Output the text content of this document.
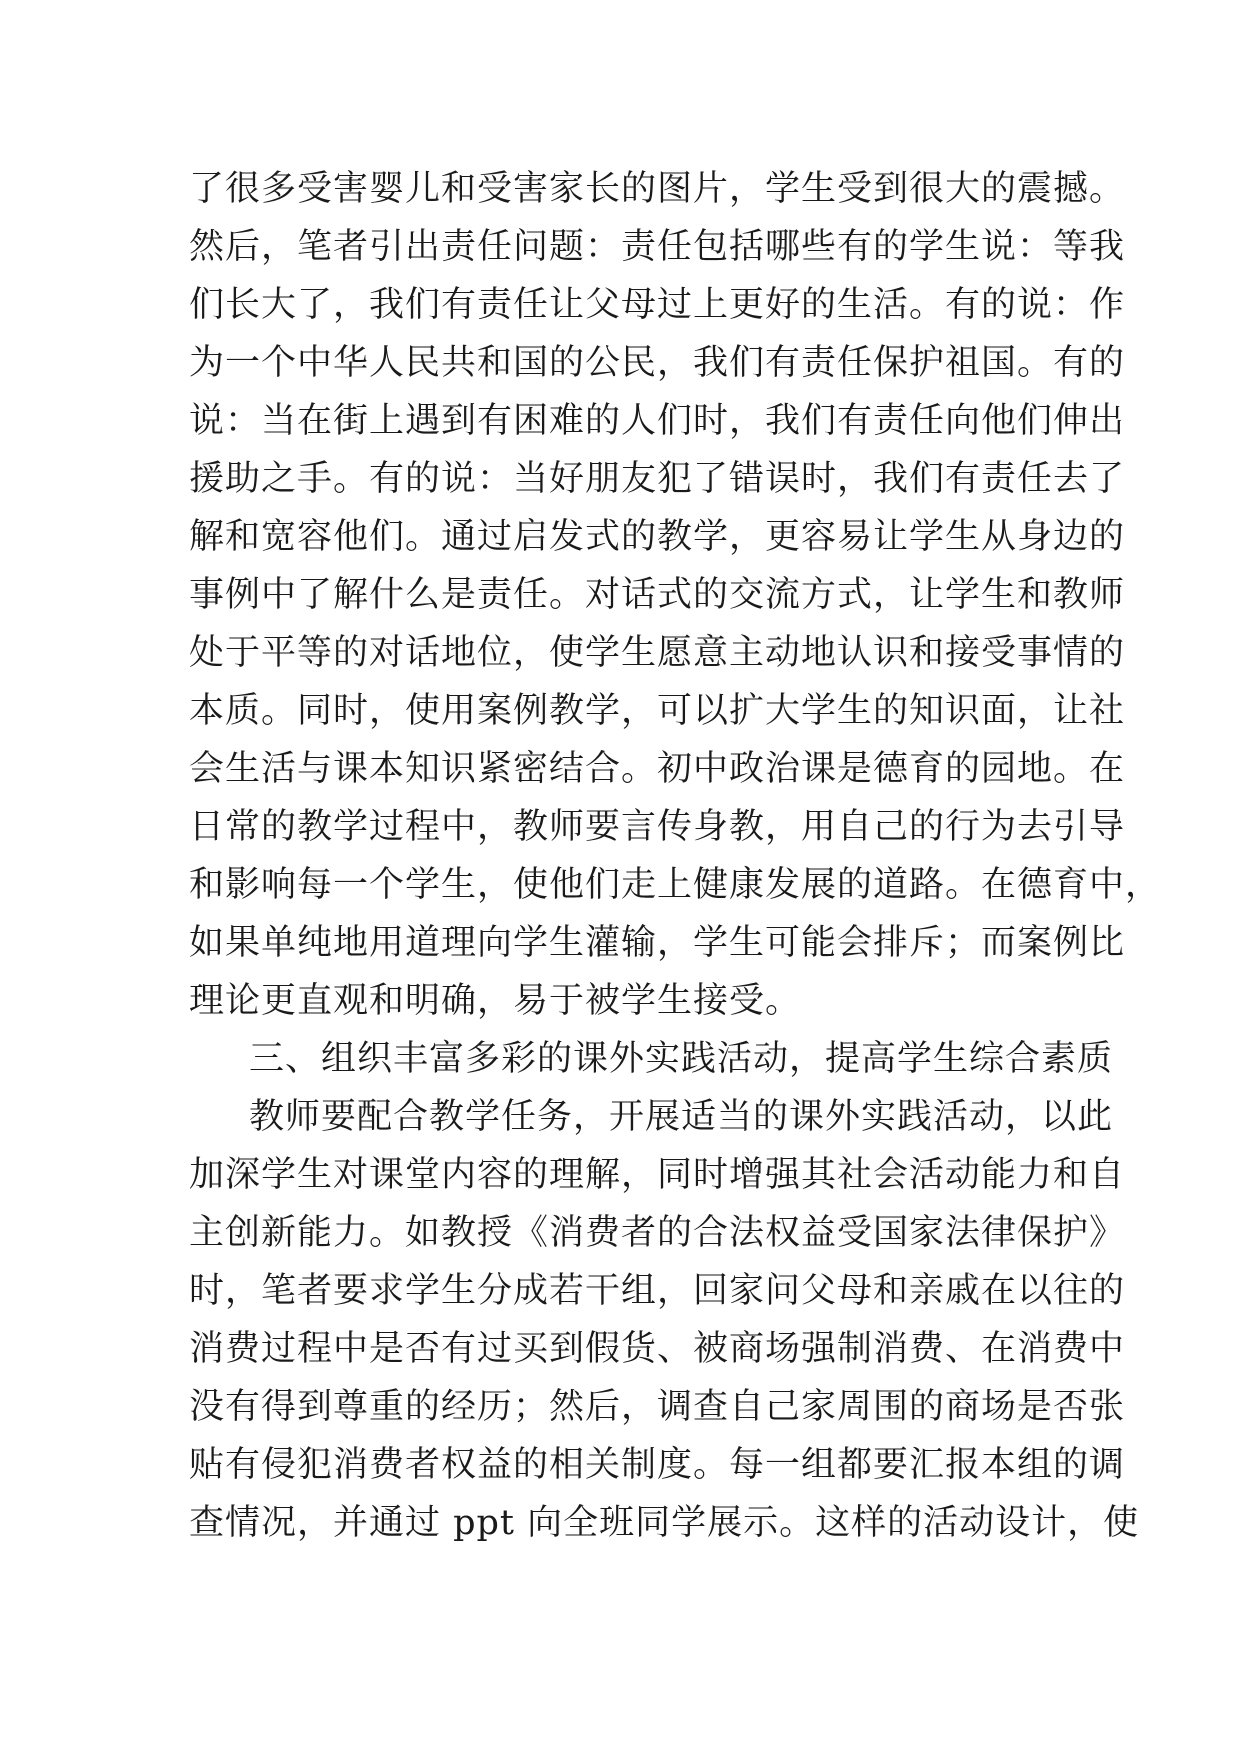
了很多受害婴儿和受害家长的图片，学生受到很大的震撼。
然后，笔者引出责任问题：责任包括哪些有的学生说：等我
们长大了，我们有责任让父母过上更好的生活。有的说：作
为一个中华人民共和国的公民，我们有责任保护祖国。有的
说：当在街上遇到有困难的人们时，我们有责任向他们伸出
援助之手。有的说：当好朋友犯了错误时，我们有责任去了
解和宽容他们。通过启发式的教学，更容易让学生从身边的
事例中了解什么是责任。对话式的交流方式，让学生和教师
处于平等的对话地位，使学生愿意主动地认识和接受事情的
本质。同时，使用案例教学，可以扩大学生的知识面，让社
会生活与课本知识紧密结合。初中政治课是德育的园地。在
日常的教学过程中，教师要言传身教，用自己的行为去引导
和影响每一个学生，使他们走上健康发展的道路。在德育中，
如果单纯地用道理向学生灌输，学生可能会排斥；而案例比
理论更直观和明确，易于被学生接受。
三、组织丰富多彩的课外实践活动，提高学生综合素质
教师要配合教学任务，开展适当的课外实践活动，以此
加深学生对课堂内容的理解，同时增强其社会活动能力和自
主创新能力。如教授《消费者的合法权益受国家法律保护》
时，笔者要求学生分成若干组，回家问父母和亲戚在以往的
消费过程中是否有过买到假货、被商场强制消费、在消费中
没有得到尊重的经历；然后，调查自己家周围的商场是否张
贴有侵犯消费者权益的相关制度。每一组都要汇报本组的调
查情况，并通过 ppt 向全班同学展示。这样的活动设计，使
